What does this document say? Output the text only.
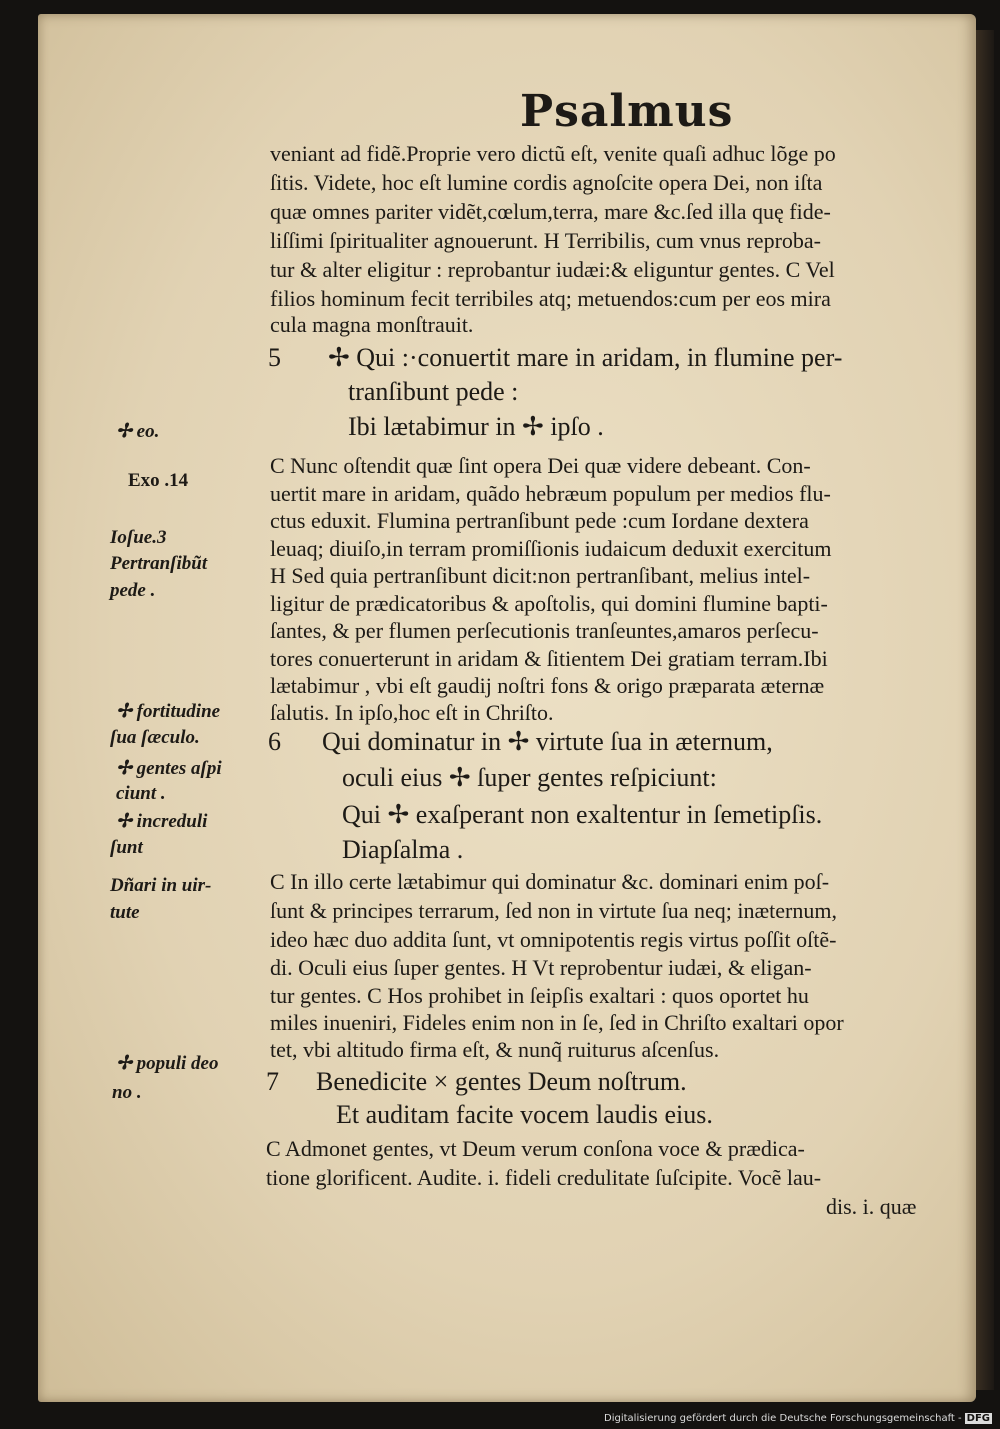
Psalmus
veniant ad fidẽ.Proprie vero dictũ eſt, venite quaſi adhuc lõge po
ſitis. Videte, hoc eſt lumine cordis agnoſcite opera Dei, non iſta
quæ omnes pariter vidẽt,cœlum,terra, mare &c.ſed illa quę fide-
liſſimi ſpiritualiter agnouerunt. H Terribilis, cum vnus reproba-
tur & alter eligitur : reprobantur iudæi:& eliguntur gentes. C Vel
filios hominum fecit terribiles atq; metuendos:cum per eos mira
cula magna monſtrauit.
5 ✢ Qui :·conuertit mare in aridam, in flumine per-
tranſibunt pede :
Ibi lætabimur in ✢ ipſo .
C Nunc oſtendit quæ ſint opera Dei quæ videre debeant. Con-
uertit mare in aridam, quãdo hebræum populum per medios flu-
ctus eduxit. Flumina pertranſibunt pede :cum Iordane dextera
leuaq; diuiſo,in terram promiſſionis iudaicum deduxit exercitum
H Sed quia pertranſibunt dicit:non pertranſibant, melius intel-
ligitur de prædicatoribus & apoſtolis, qui domini flumine bapti-
ſantes, & per flumen perſecutionis tranſeuntes,amaros perſecu-
tores conuerterunt in aridam & ſitientem Dei gratiam terram.Ibi
lætabimur , vbi eſt gaudij noſtri fons & origo præparata æternæ
ſalutis. In ipſo,hoc eſt in Chriſto.
6 Qui dominatur in ✢ virtute ſua in æternum,
oculi eius ✢ ſuper gentes reſpiciunt:
Qui ✢ exaſperant non exaltentur in ſemetipſis.
Diapſalma .
C In illo certe lætabimur qui dominatur &c. dominari enim poſ-
ſunt & principes terrarum, ſed non in virtute ſua neq; inæternum,
ideo hæc duo addita ſunt, vt omnipotentis regis virtus poſſit oſtẽ-
di. Oculi eius ſuper gentes. H Vt reprobentur iudæi, & eligan-
tur gentes. C Hos prohibet in ſeipſis exaltari : quos oportet hu
miles inueniri, Fideles enim non in ſe, ſed in Chriſto exaltari opor
tet, vbi altitudo firma eſt, & nunq̃ ruiturus aſcenſus.
7 Benedicite × gentes Deum noſtrum.
Et auditam facite vocem laudis eius.
C Admonet gentes, vt Deum verum conſona voce & prædica-
tione glorificent. Audite. i. fideli credulitate ſuſcipite. Vocẽ lau-
dis. i. quæ
✢ eo.
Exo .14
Ioſue.3
Pertranſibũt
pede .
✢ fortitudine
ſua ſæculo.
✢ gentes aſpi
ciunt .
✢ increduli
ſunt
Dñari in uir-
tute
✢ populi deo
no .
Digitalisierung gefördert durch die Deutsche Forschungsgemeinschaft - DFG
